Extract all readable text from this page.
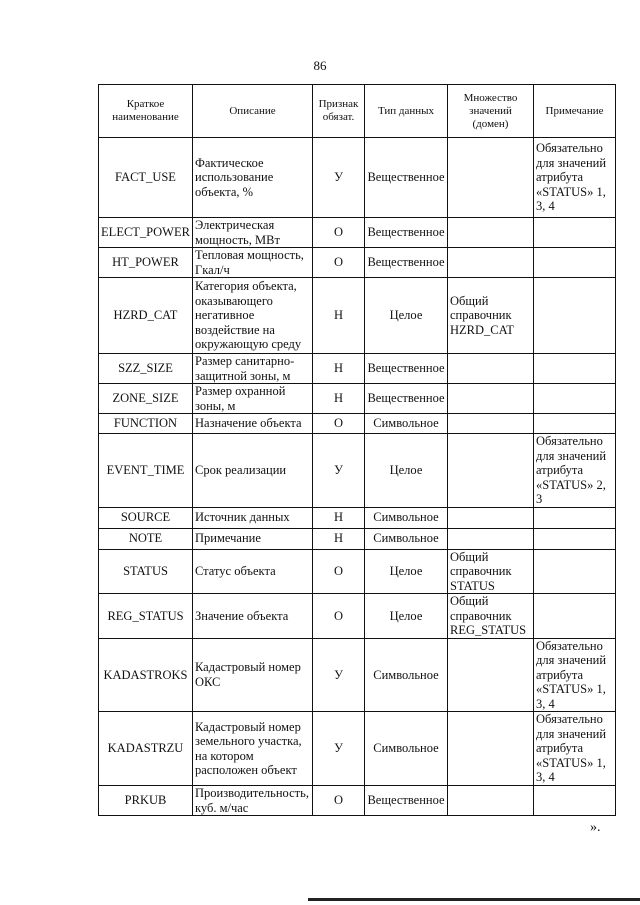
86
Краткое наименование	Описание	Признак обязат.	Тип данных	Множество значений (домен)	Примечание
FACT_USE	Фактическое использование объекта, %	У	Вещественное		Обязательно для значений атрибута «STATUS» 1, 3, 4
ELECT_POWER	Электрическая мощность, МВт	О	Вещественное		
HT_POWER	Тепловая мощность, Гкал/ч	О	Вещественное		
HZRD_CAT	Категория объекта, оказывающего негативное воздействие на окружающую среду	Н	Целое	Общий справочник HZRD_CAT	
SZZ_SIZE	Размер санитарно-защитной зоны, м	Н	Вещественное		
ZONE_SIZE	Размер охранной зоны, м	Н	Вещественное		
FUNCTION	Назначение объекта	О	Символьное		
EVENT_TIME	Срок реализации	У	Целое		Обязательно для значений атрибута «STATUS» 2, 3
SOURCE	Источник данных	Н	Символьное		
NOTE	Примечание	Н	Символьное		
STATUS	Статус объекта	О	Целое	Общий справочник STATUS	
REG_STATUS	Значение объекта	О	Целое	Общий справочник REG_STATUS	
KADASTROKS	Кадастровый номер ОКС	У	Символьное		Обязательно для значений атрибута «STATUS» 1, 3, 4
KADASTRZU	Кадастровый номер земельного участка, на котором расположен объект	У	Символьное		Обязательно для значений атрибута «STATUS» 1, 3, 4
PRKUB	Производительность, куб. м/час	О	Вещественное		
».
